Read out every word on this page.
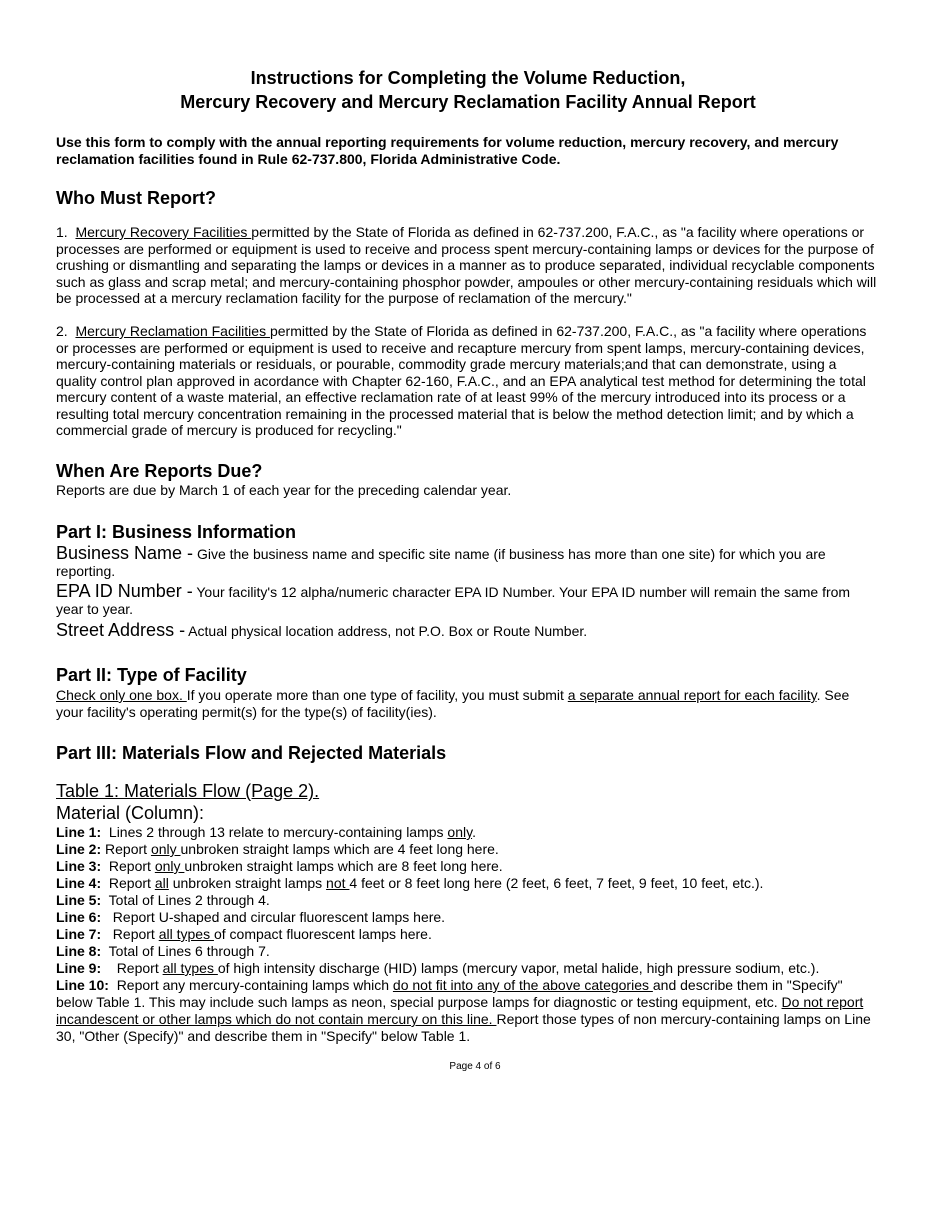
Instructions for Completing the Volume Reduction,
Mercury Recovery and Mercury Reclamation Facility Annual Report
Use this form to comply with the annual reporting requirements for volume reduction, mercury recovery, and mercury reclamation facilities found in Rule 62-737.800, Florida Administrative Code.
Who Must Report?
1. Mercury Recovery Facilities permitted by the State of Florida as defined in 62-737.200, F.A.C., as "a facility where operations or processes are performed or equipment is used to receive and process spent mercury-containing lamps or devices for the purpose of crushing or dismantling and separating the lamps or devices in a manner as to produce separated, individual recyclable components such as glass and scrap metal; and mercury-containing phosphor powder, ampoules or other mercury-containing residuals which will be processed at a mercury reclamation facility for the purpose of reclamation of the mercury."
2. Mercury Reclamation Facilities permitted by the State of Florida as defined in 62-737.200, F.A.C., as "a facility where operations or processes are performed or equipment is used to receive and recapture mercury from spent lamps, mercury-containing devices, mercury-containing materials or residuals, or pourable, commodity grade mercury materials;and that can demonstrate, using a quality control plan approved in acordance with Chapter 62-160, F.A.C., and an EPA analytical test method for determining the total mercury content of a waste material, an effective reclamation rate of at least 99% of the mercury introduced into its process or a resulting total mercury concentration remaining in the processed material that is below the method detection limit; and by which a commercial grade of mercury is produced for recycling."
When Are Reports Due?
Reports are due by March 1 of each year for the preceding calendar year.
Part I: Business Information
Business Name - Give the business name and specific site name (if business has more than one site) for which you are reporting.
EPA ID Number - Your facility's 12 alpha/numeric character EPA ID Number. Your EPA ID number will remain the same from year to year.
Street Address - Actual physical location address, not P.O. Box or Route Number.
Part II: Type of Facility
Check only one box. If you operate more than one type of facility, you must submit a separate annual report for each facility. See your facility's operating permit(s) for the type(s) of facility(ies).
Part III: Materials Flow and Rejected Materials
Table 1: Materials Flow (Page 2).
Material (Column):
Line 1: Lines 2 through 13 relate to mercury-containing lamps only.
Line 2: Report only unbroken straight lamps which are 4 feet long here.
Line 3: Report only unbroken straight lamps which are 8 feet long here.
Line 4: Report all unbroken straight lamps not 4 feet or 8 feet long here (2 feet, 6 feet, 7 feet, 9 feet, 10 feet, etc.).
Line 5: Total of Lines 2 through 4.
Line 6: Report U-shaped and circular fluorescent lamps here.
Line 7: Report all types of compact fluorescent lamps here.
Line 8: Total of Lines 6 through 7.
Line 9: Report all types of high intensity discharge (HID) lamps (mercury vapor, metal halide, high pressure sodium, etc.).
Line 10: Report any mercury-containing lamps which do not fit into any of the above categories and describe them in "Specify" below Table 1. This may include such lamps as neon, special purpose lamps for diagnostic or testing equipment, etc. Do not report incandescent or other lamps which do not contain mercury on this line. Report those types of non mercury-containing lamps on Line 30, "Other (Specify)" and describe them in "Specify" below Table 1.
Page 4 of 6
